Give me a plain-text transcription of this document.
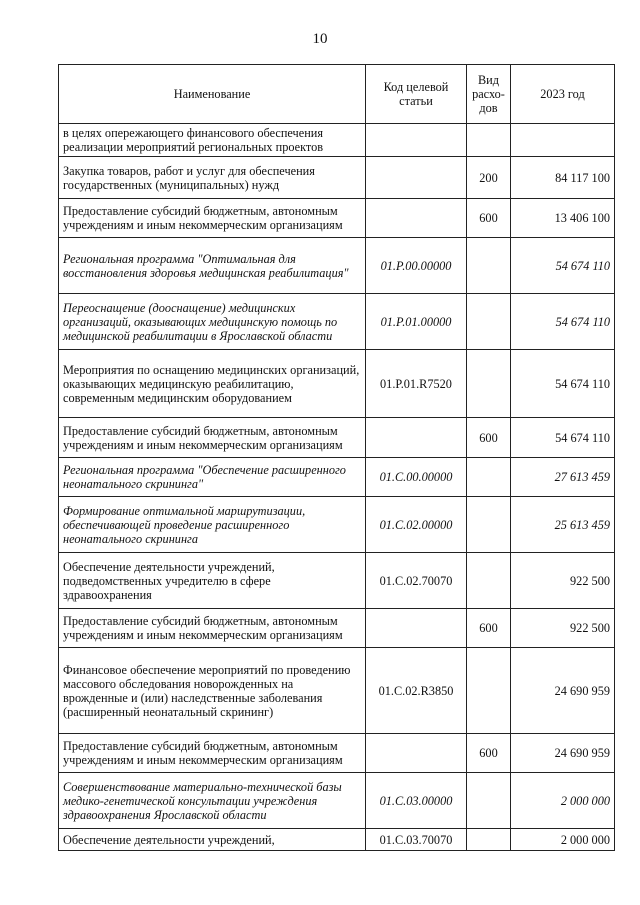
10
Наименование	Код целевой статьи	Вид расхо-дов	2023 год
в целях опережающего финансового обеспечения реализации мероприятий региональных проектов			
Закупка товаров, работ и услуг для обеспечения государственных (муниципальных) нужд		200	84 117 100
Предоставление субсидий бюджетным, автономным учреждениям и иным некоммерческим организациям		600	13 406 100
Региональная программа "Оптимальная для восстановления здоровья медицинская реабилитация"	01.Р.00.00000		54 674 110
Переоснащение (дооснащение) медицинских организаций, оказывающих медицинскую помощь по медицинской реабилитации в Ярославской области	01.Р.01.00000		54 674 110
Мероприятия по оснащению медицинских организаций, оказывающих медицинскую реабилитацию, современным медицинским оборудованием	01.Р.01.R7520		54 674 110
Предоставление субсидий бюджетным, автономным учреждениям и иным некоммерческим организациям		600	54 674 110
Региональная программа "Обеспечение расширенного неонатального скрининга"	01.С.00.00000		27 613 459
Формирование оптимальной маршрутизации, обеспечивающей проведение расширенного неонатального скрининга	01.С.02.00000		25 613 459
Обеспечение деятельности учреждений, подведомственных учредителю в сфере здравоохранения	01.С.02.70070		922 500
Предоставление субсидий бюджетным, автономным учреждениям и иным некоммерческим организациям		600	922 500
Финансовое обеспечение мероприятий по проведению массового обследования новорожденных на врожденные и (или) наследственные заболевания (расширенный неонатальный скрининг)	01.С.02.R3850		24 690 959
Предоставление субсидий бюджетным, автономным учреждениям и иным некоммерческим организациям		600	24 690 959
Совершенствование материально-технической базы медико-генетической консультации учреждения здравоохранения Ярославской области	01.С.03.00000		2 000 000
Обеспечение деятельности учреждений,	01.С.03.70070		2 000 000
